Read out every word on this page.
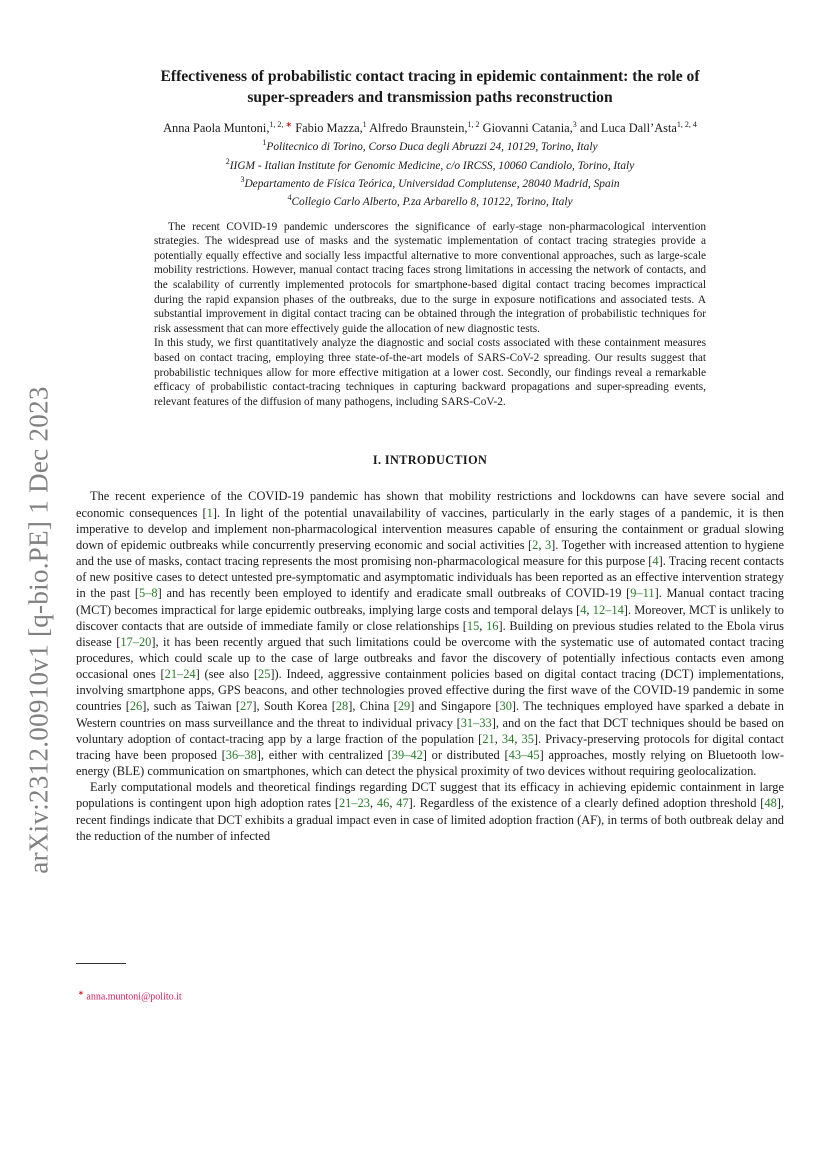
arXiv:2312.00910v1 [q-bio.PE] 1 Dec 2023
Effectiveness of probabilistic contact tracing in epidemic containment: the role of
super-spreaders and transmission paths reconstruction

Anna Paola Muntoni,$^{1, 2, ∗}$ Fabio Mazza,$^1$ Alfredo Braunstein,$^{1, 2}$ Giovanni Catania,$^3$ and Luca Dall’Asta$^{1, 2, 4}$

$^1$Politecnico di Torino, Corso Duca degli Abruzzi 24, 10129, Torino, Italy

$^2$IIGM - Italian Institute for Genomic Medicine, c/o IRCSS, 10060 Candiolo, Torino, Italy

$^3$Departamento de Física Teórica, Universidad Complutense, 28040 Madrid, Spain

$^4$Collegio Carlo Alberto, P.za Arbarello 8, 10122, Torino, Italy

The recent COVID-19 pandemic underscores the significance of early-stage non-pharmacological intervention strategies. The widespread use of masks and the systematic implementation of contact tracing strategies provide a potentially equally effective and socially less impactful alternative to more conventional approaches, such as large-scale mobility restrictions. However, manual contact tracing faces strong limitations in accessing the network of contacts, and the scalability of currently implemented protocols for smartphone-based digital contact tracing becomes impractical during the rapid expansion phases of the outbreaks, due to the surge in exposure notifications and associated tests. A substantial improvement in digital contact tracing can be obtained through the integration of probabilistic techniques for risk assessment that can more effectively guide the allocation of new diagnostic tests.

In this study, we first quantitatively analyze the diagnostic and social costs associated with these containment measures based on contact tracing, employing three state-of-the-art models of SARS-CoV-2 spreading. Our results suggest that probabilistic techniques allow for more effective mitigation at a lower cost. Secondly, our findings reveal a remarkable efficacy of probabilistic contact-tracing techniques in capturing backward propagations and super-spreading events, relevant features of the diffusion of many pathogens, including SARS-CoV-2.

I. INTRODUCTION

The recent experience of the COVID-19 pandemic has shown that mobility restrictions and lockdowns can have severe social and economic consequences [1]. In light of the potential unavailability of vaccines, particularly in the early stages of a pandemic, it is then imperative to develop and implement non-pharmacological intervention measures capable of ensuring the containment or gradual slowing down of epidemic outbreaks while concurrently preserving economic and social activities [2, 3]. Together with increased attention to hygiene and the use of masks, contact tracing represents the most promising non-pharmacological measure for this purpose [4]. Tracing recent contacts of new positive cases to detect untested pre-symptomatic and asymptomatic individuals has been reported as an effective intervention strategy in the past [5–8] and has recently been employed to identify and eradicate small outbreaks of COVID-19 [9–11]. Manual contact tracing (MCT) becomes impractical for large epidemic outbreaks, implying large costs and temporal delays [4, 12–14]. Moreover, MCT is unlikely to discover contacts that are outside of immediate family or close relationships [15, 16]. Building on previous studies related to the Ebola virus disease [17–20], it has been recently argued that such limitations could be overcome with the systematic use of automated contact tracing procedures, which could scale up to the case of large outbreaks and favor the discovery of potentially infectious contacts even among occasional ones [21–24] (see also [25]). Indeed, aggressive containment policies based on digital contact tracing (DCT) implementations, involving smartphone apps, GPS beacons, and other technologies proved effective during the first wave of the COVID-19 pandemic in some countries [26], such as Taiwan [27], South Korea [28], China [29] and Singapore [30]. The techniques employed have sparked a debate in Western countries on mass surveillance and the threat to individual privacy [31–33], and on the fact that DCT techniques should be based on voluntary adoption of contact-tracing app by a large fraction of the population [21, 34, 35]. Privacy-preserving protocols for digital contact tracing have been proposed [36–38], either with centralized [39–42] or distributed [43–45] approaches, mostly relying on Bluetooth low-energy (BLE) communication on smartphones, which can detect the physical proximity of two devices without requiring geolocalization.

Early computational models and theoretical findings regarding DCT suggest that its efficacy in achieving epidemic containment in large populations is contingent upon high adoption rates [21–23, 46, 47]. Regardless of the existence of a clearly defined adoption threshold [48], recent findings indicate that DCT exhibits a gradual impact even in case of limited adoption fraction (AF), in terms of both outbreak delay and the reduction of the number of infected

∗ anna.muntoni@polito.it
